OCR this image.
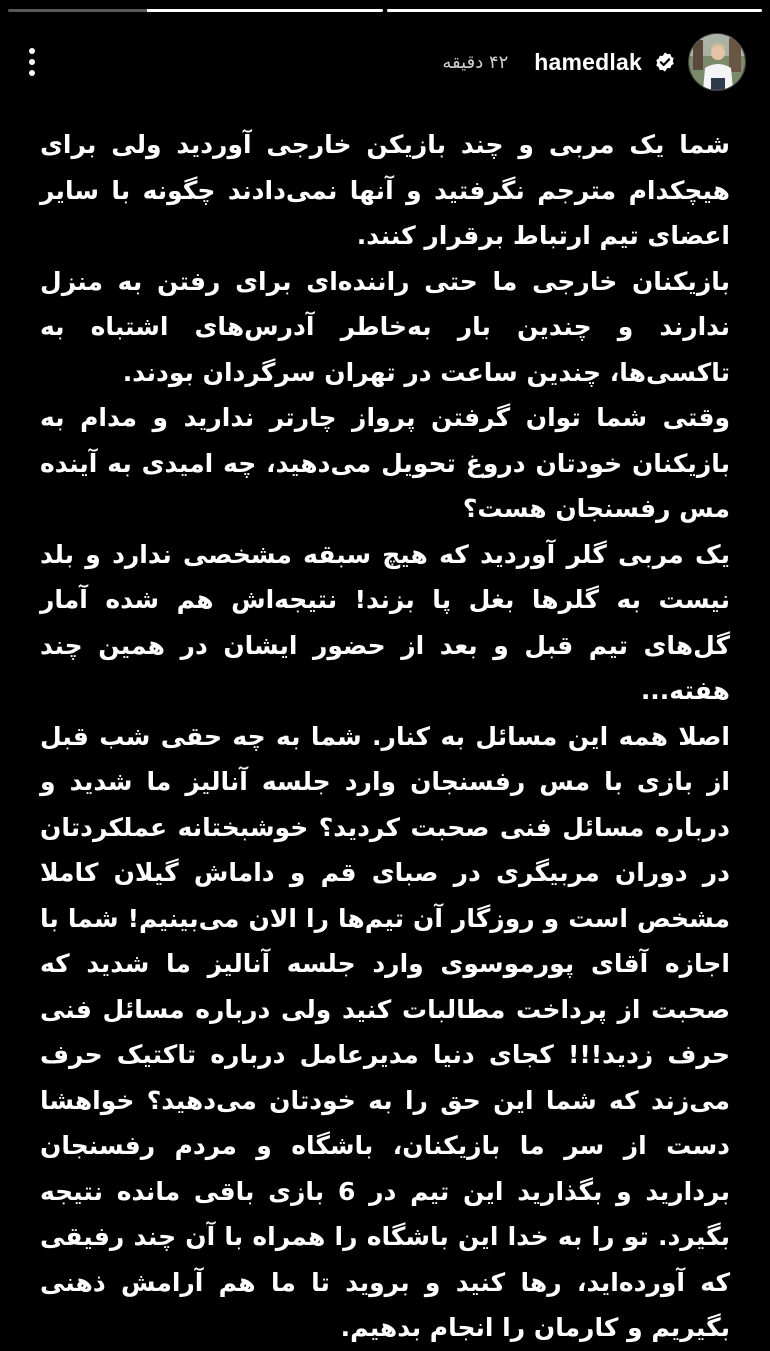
۴۲ دقیقه hamedlak

شما یک مربی و چند بازیکن خارجی آوردید ولی برای هیچکدام مترجم نگرفتید و آنها نمی‌دادند چگونه با سایر اعضای تیم ارتباط برقرار کنند.

بازیکنان خارجی ما حتی راننده‌ای برای رفتن به منزل ندارند و چندین بار به‌خاطر آدرس‌های اشتباه به تاکسی‌ها، چندین ساعت در تهران سرگردان بودند.

وقتی شما توان گرفتن پرواز چارتر ندارید و مدام به بازیکنان خودتان دروغ تحویل می‌دهید، چه امیدی به آینده مس رفسنجان هست؟

یک مربی گلر آوردید که هیچ سبقه مشخصی ندارد و بلد نیست به گلرها بغل پا بزند! نتیجه‌اش هم شده آمار گل‌های تیم قبل و بعد از حضور ایشان در همین چند هفته...

اصلا همه این مسائل به کنار. شما به چه حقی شب قبل از بازی با مس رفسنجان وارد جلسه آنالیز ما شدید و درباره مسائل فنی صحبت کردید؟ خوشبختانه عملکردتان در دوران مربیگری در صبای قم و داماش گیلان کاملا مشخص است و روزگار آن تیم‌ها را الان می‌بینیم! شما با اجازه آقای پورموسوی وارد جلسه آنالیز ما شدید که صحبت از پرداخت مطالبات کنید ولی درباره مسائل فنی حرف زدید!!! کجای دنیا مدیرعامل درباره تاکتیک حرف می‌زند که شما این حق را به خودتان می‌دهید؟ خواهشا دست از سر ما بازیکنان، باشگاه و مردم رفسنجان بردارید و بگذارید این تیم در 6 بازی باقی مانده نتیجه بگیرد. تو را به خدا این باشگاه را همراه با آن چند رفیقی که آورده‌اید، رها کنید و بروید تا ما هم آرامش ذهنی بگیریم و کارمان را انجام بدهیم.
